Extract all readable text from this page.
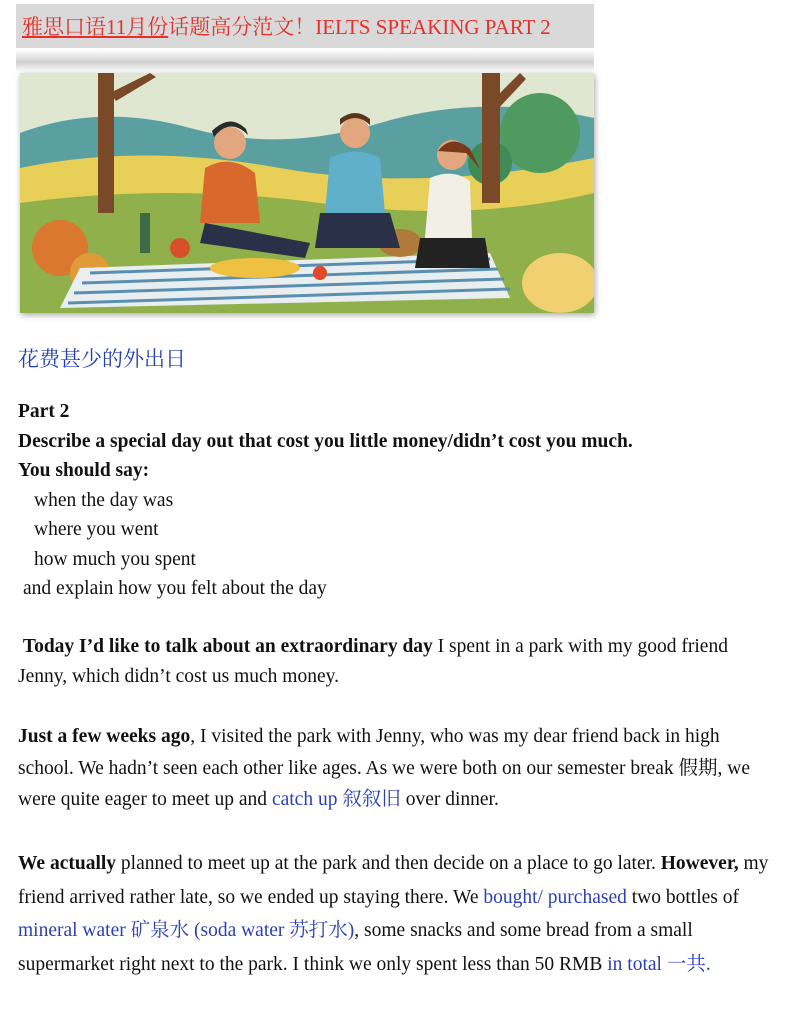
雅思口语11月份话题高分范文！IELTS SPEAKING PART 2
花费甚少的外出日
Part 2
Describe a special day out that cost you little money/didn’t cost you much.
You should say:
when the day was
where you went
how much you spent
and explain how you felt about the day
Today I’d like to talk about an extraordinary day I spent in a park with my good friend Jenny, which didn’t cost us much money.
Just a few weeks ago, I visited the park with Jenny, who was my dear friend back in high school. We hadn’t seen each other like ages. As we were both on our semester break 假期, we were quite eager to meet up and catch up 叙叙旧 over dinner.
We actually planned to meet up at the park and then decide on a place to go later. However, my friend arrived rather late, so we ended up staying there. We bought/ purchased two bottles of mineral water 矿泉水 (soda water 苏打水), some snacks and some bread from a small supermarket right next to the park. I think we only spent less than 50 RMB in total 一共.
